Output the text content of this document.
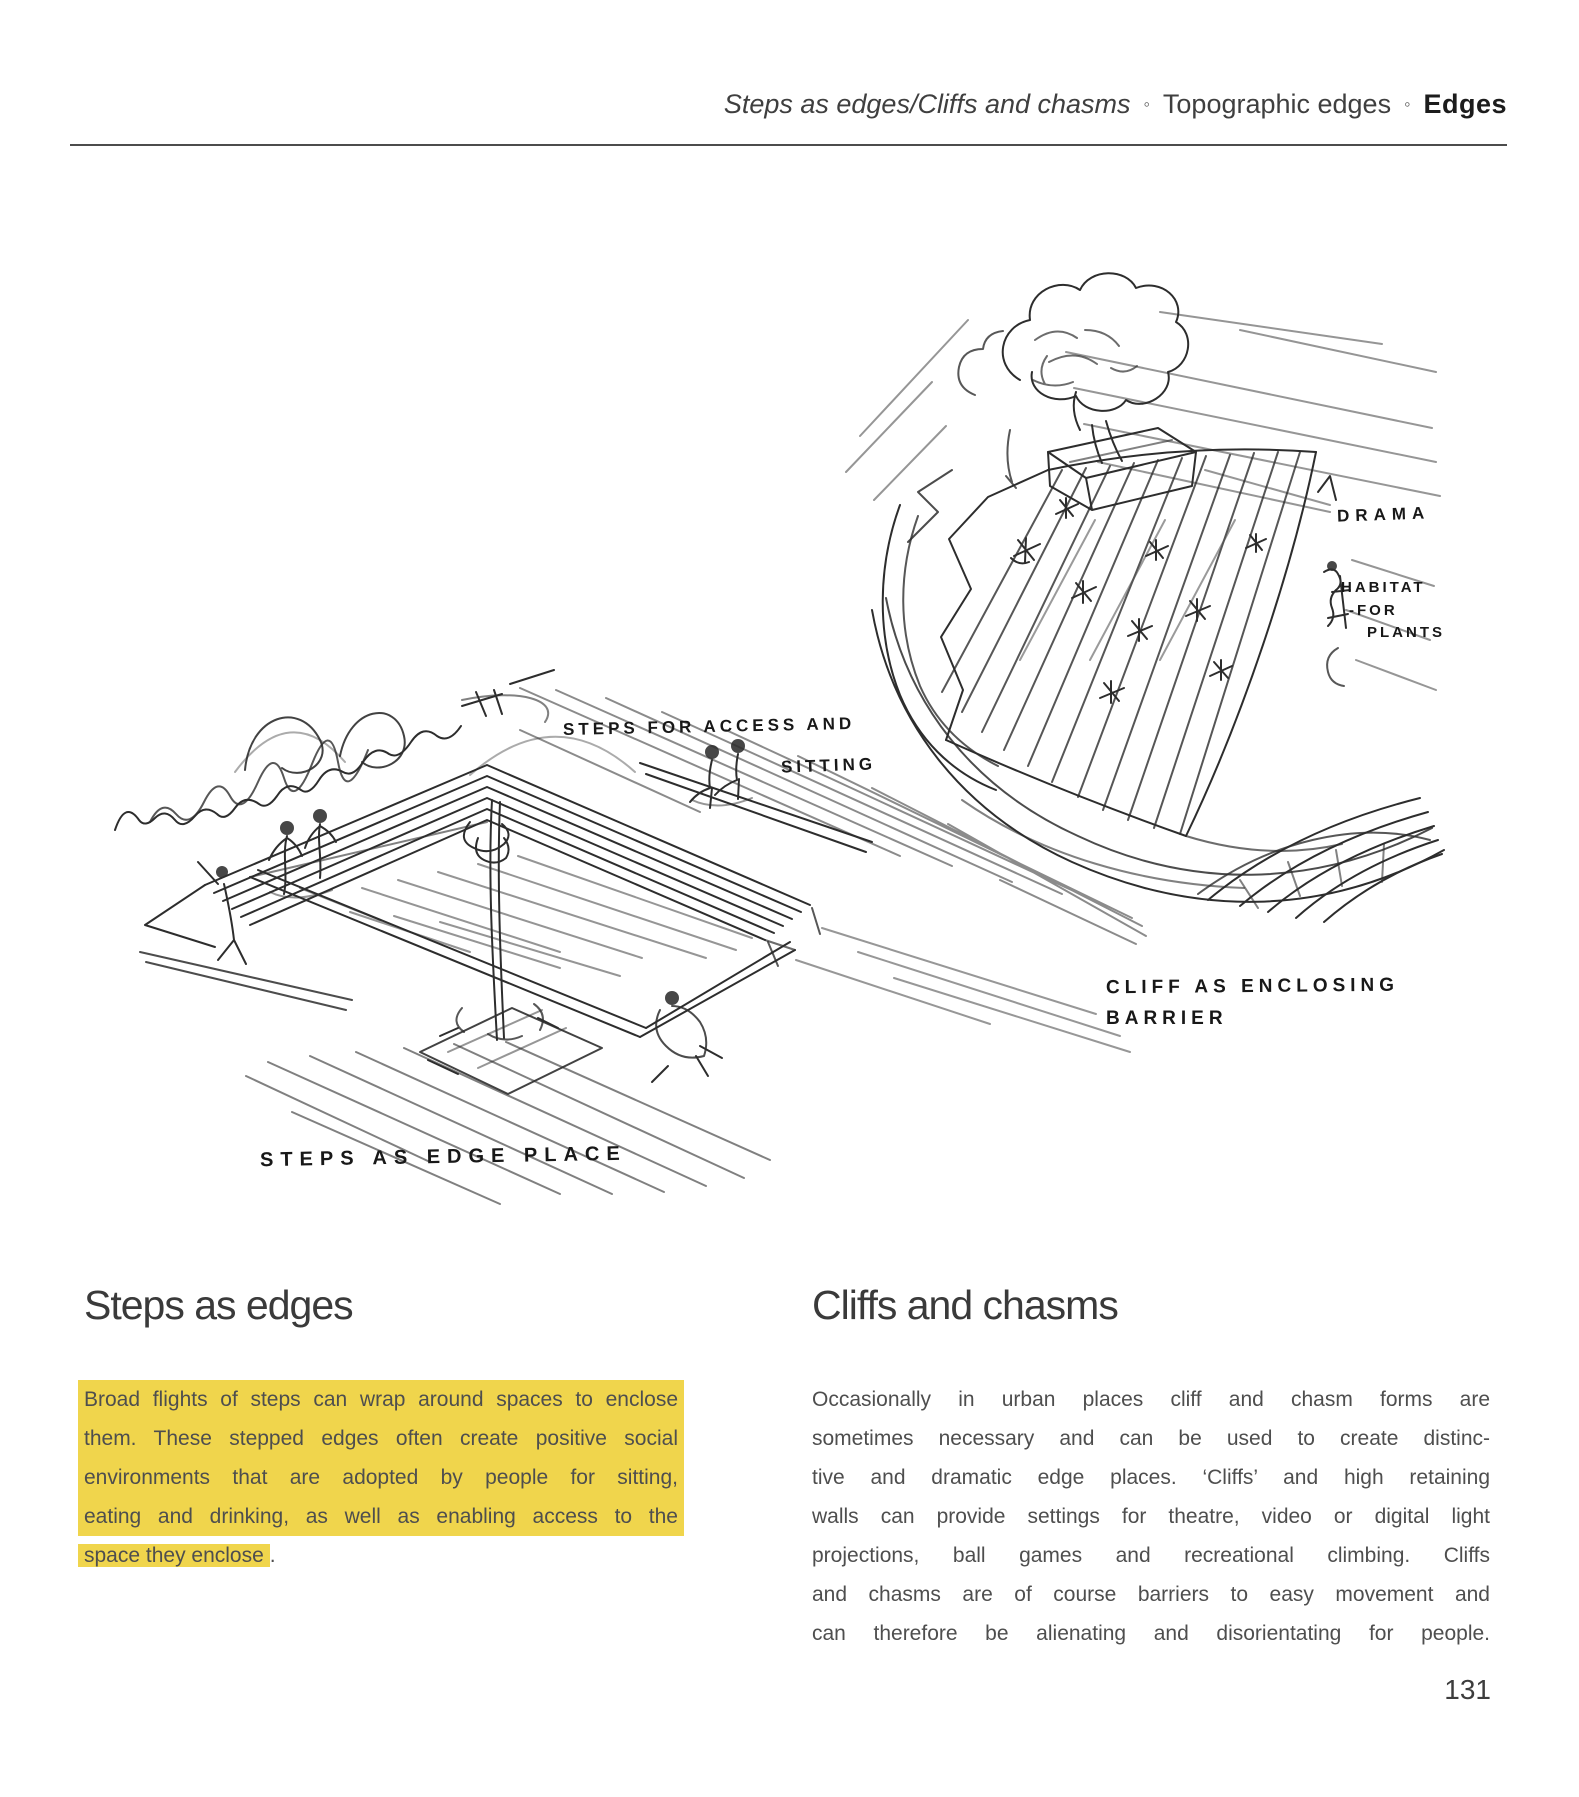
Steps as edges/Cliffs and chasms ◦ Topographic edges ◦ Edges
STEPS FOR ACCESS AND
SITTING
STEPS AS EDGE PLACE
DRAMA
HABITAT
-FOR
PLANTS
CLIFF AS ENCLOSING
BARRIER
Steps as edges
Broad flights of steps can wrap around spaces to enclose
them. These stepped edges often create positive social
environments that are adopted by people for sitting,
eating and drinking, as well as enabling access to the
space they enclose .
Cliffs and chasms
Occasionally in urban places cliff and chasm forms are
sometimes necessary and can be used to create distinc-
tive and dramatic edge places. ‘Cliffs’ and high retaining
walls can provide settings for theatre, video or digital light
projections, ball games and recreational climbing. Cliffs
and chasms are of course barriers to easy movement and
can therefore be alienating and disorientating for people.
131
